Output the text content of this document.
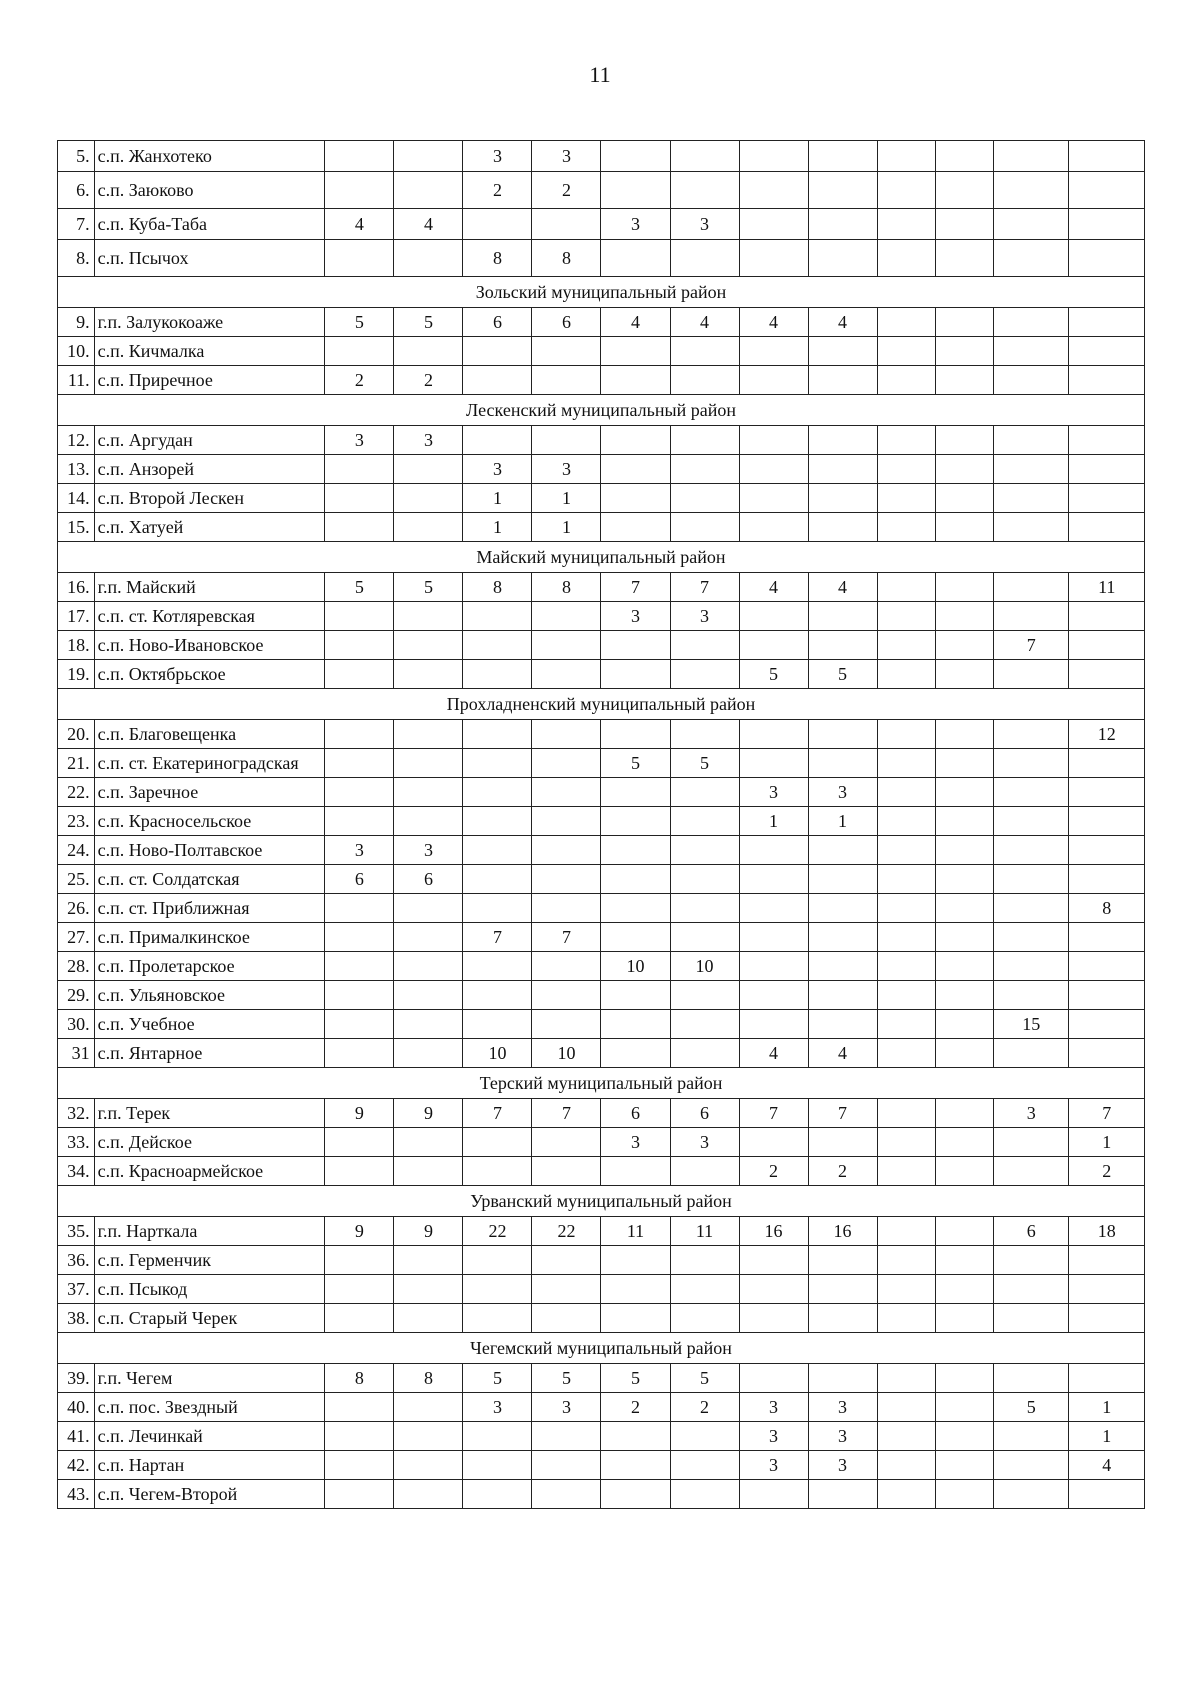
11
5.	с.п. Жанхотеко			3	3								
6.	с.п. Заюково			2	2								
7.	с.п. Куба-Таба	4	4			3	3						
8.	с.п. Псычох			8	8								
Зольский муниципальный район													
9.	г.п. Залукокоаже	5	5	6	6	4	4	4	4				
10.	с.п. Кичмалка												
11.	с.п. Приречное	2	2										
Лескенский муниципальный район													
12.	с.п. Аргудан	3	3										
13.	с.п. Анзорей			3	3								
14.	с.п. Второй Лескен			1	1								
15.	с.п. Хатуей			1	1								
Майский муниципальный район													
16.	г.п. Майский	5	5	8	8	7	7	4	4				11
17.	с.п. ст. Котляревская					3	3						
18.	с.п. Ново-Ивановское											7	
19.	с.п. Октябрьское							5	5				
Прохладненский муниципальный район													
20.	с.п. Благовещенка												12
21.	с.п. ст. Екатериноградская					5	5						
22.	с.п. Заречное							3	3				
23.	с.п. Красносельское							1	1				
24.	с.п. Ново-Полтавское	3	3										
25.	с.п. ст. Солдатская	6	6										
26.	с.п. ст. Приближная												8
27.	с.п. Прималкинское			7	7								
28.	с.п. Пролетарское					10	10						
29.	с.п. Ульяновское												
30.	с.п. Учебное											15	
31	с.п. Янтарное			10	10			4	4				
Терский муниципальный район													
32.	г.п. Терек	9	9	7	7	6	6	7	7			3	7
33.	с.п. Дейское					3	3						1
34.	с.п. Красноармейское							2	2				2
Урванский муниципальный район													
35.	г.п. Нарткала	9	9	22	22	11	11	16	16			6	18
36.	с.п. Герменчик												
37.	с.п. Псыкод												
38.	с.п. Старый Черек												
Чегемский муниципальный район													
39.	г.п. Чегем	8	8	5	5	5	5						
40.	с.п. пос. Звездный			3	3	2	2	3	3			5	1
41.	с.п. Лечинкай							3	3				1
42.	с.п. Нартан							3	3				4
43.	с.п. Чегем-Второй												
